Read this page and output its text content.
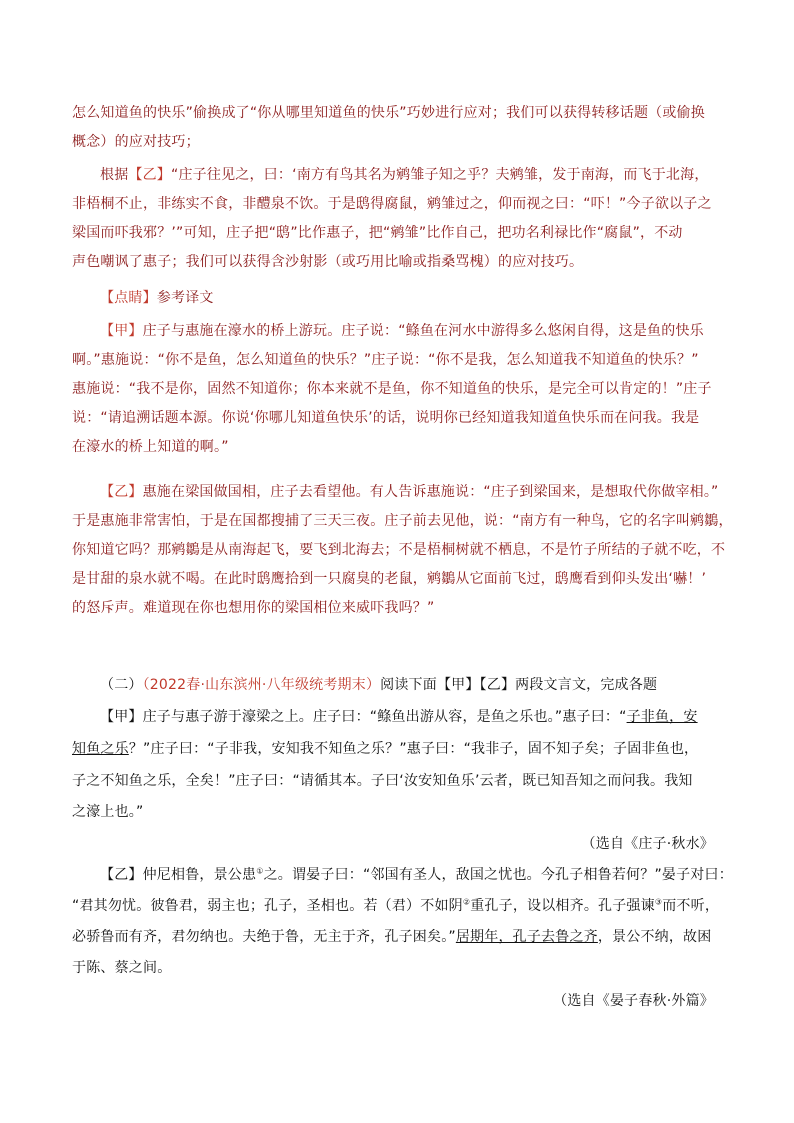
怎么知道鱼的快乐”偷换成了“你从哪里知道鱼的快乐”巧妙进行应对；我们可以获得转移话题（或偷换
概念）的应对技巧；
根据【乙】“庄子往见之，曰：‘南方有鸟其名为鹓雏子知之乎？夫鹓雏，发于南海，而飞于北海，
非梧桐不止，非练实不食，非醴泉不饮。于是鸱得腐鼠，鹓雏过之，仰而视之曰：“吓！”今子欲以子之
梁国而吓我邪？’”可知，庄子把“鸱”比作惠子，把“鹓雏”比作自己，把功名利禄比作“腐鼠”，不动
声色嘲讽了惠子；我们可以获得含沙射影（或巧用比喻或指桑骂槐）的应对技巧。
【点睛】参考译文
【甲】庄子与惠施在濠水的桥上游玩。庄子说：“鲦鱼在河水中游得多么悠闲自得，这是鱼的快乐
啊。”惠施说：“你不是鱼，怎么知道鱼的快乐？”庄子说：“你不是我，怎么知道我不知道鱼的快乐？”
惠施说：“我不是你，固然不知道你；你本来就不是鱼，你不知道鱼的快乐，是完全可以肯定的！”庄子
说：“请追溯话题本源。你说‘你哪儿知道鱼快乐’的话，说明你已经知道我知道鱼快乐而在问我。我是
在濠水的桥上知道的啊。”
【乙】惠施在梁国做国相，庄子去看望他。有人告诉惠施说：“庄子到梁国来，是想取代你做宰相。”
于是惠施非常害怕，于是在国都搜捕了三天三夜。庄子前去见他，说：“南方有一种鸟，它的名字叫鹓鶵，
你知道它吗？那鹓鶵是从南海起飞，要飞到北海去；不是梧桐树就不栖息，不是竹子所结的子就不吃，不
是甘甜的泉水就不喝。在此时鸱鹰拾到一只腐臭的老鼠，鹓鶵从它面前飞过，鸱鹰看到仰头发出‘嚇！’
的怒斥声。难道现在你也想用你的梁国相位来威吓我吗？”
（二）（2022春·山东滨州·八年级统考期末）阅读下面【甲】【乙】两段文言文，完成各题
【甲】庄子与惠子游于濠梁之上。庄子曰：“鲦鱼出游从容，是鱼之乐也。”惠子曰：“子非鱼，安
知鱼之乐？”庄子曰：“子非我，安知我不知鱼之乐？”惠子曰：“我非子，固不知子矣；子固非鱼也，
子之不知鱼之乐，全矣！”庄子曰：“请循其本。子曰‘汝安知鱼乐’云者，既已知吾知之而问我。我知
之濠上也。”
（选自《庄子·秋水》
【乙】仲尼相鲁，景公患①之。谓晏子曰：“邻国有圣人，敌国之忧也。今孔子相鲁若何？”晏子对曰：
“君其勿忧。彼鲁君，弱主也；孔子，圣相也。若（君）不如阴②重孔子，设以相齐。孔子强谏③而不听，
必骄鲁而有齐，君勿纳也。夫绝于鲁，无主于齐，孔子困矣。”居期年，孔子去鲁之齐，景公不纳，故困
于陈、蔡之间。
（选自《晏子春秋·外篇》
